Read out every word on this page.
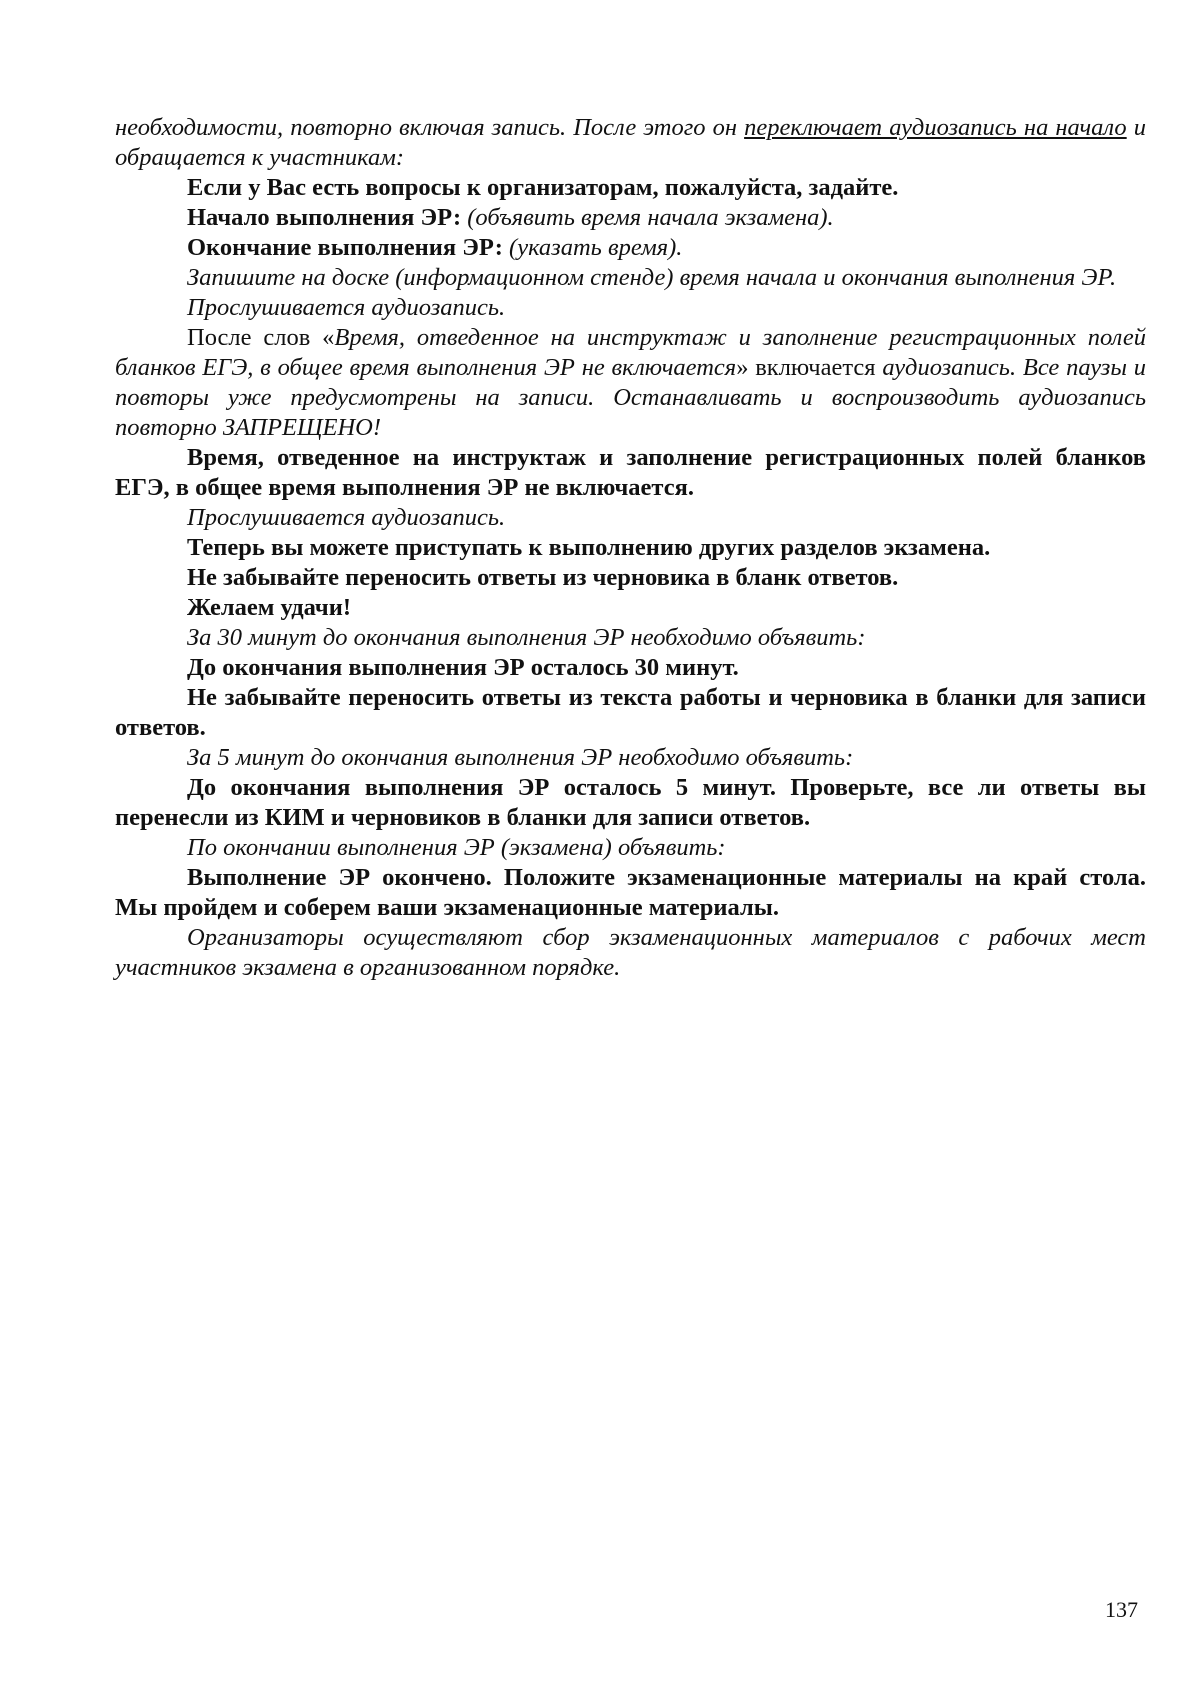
необходимости, повторно включая запись. После этого он переключает аудиозапись на начало и обращается к участникам:

Если у Вас есть вопросы к организаторам, пожалуйста, задайте.

Начало выполнения ЭР: (объявить время начала экзамена).

Окончание выполнения ЭР: (указать время).

Запишите на доске (информационном стенде) время начала и окончания выполнения ЭР.

Прослушивается аудиозапись.

После слов «Время, отведенное на инструктаж и заполнение регистрационных полей бланков ЕГЭ, в общее время выполнения ЭР не включается» включается аудиозапись. Все паузы и повторы уже предусмотрены на записи. Останавливать и воспроизводить аудиозапись повторно ЗАПРЕЩЕНО!

Время, отведенное на инструктаж и заполнение регистрационных полей бланков ЕГЭ, в общее время выполнения ЭР не включается.

Прослушивается аудиозапись.

Теперь вы можете приступать к выполнению других разделов экзамена.

Не забывайте переносить ответы из черновика в бланк ответов.

Желаем удачи!

За 30 минут до окончания выполнения ЭР необходимо объявить:

До окончания выполнения ЭР осталось 30 минут.

Не забывайте переносить ответы из текста работы и черновика в бланки для записи ответов.

За 5 минут до окончания выполнения ЭР необходимо объявить:

До окончания выполнения ЭР осталось 5 минут. Проверьте, все ли ответы вы перенесли из КИМ и черновиков в бланки для записи ответов.

По окончании выполнения ЭР (экзамена) объявить:

Выполнение ЭР окончено. Положите экзаменационные материалы на край стола. Мы пройдем и соберем ваши экзаменационные материалы.

Организаторы осуществляют сбор экзаменационных материалов с рабочих мест участников экзамена в организованном порядке.

137
